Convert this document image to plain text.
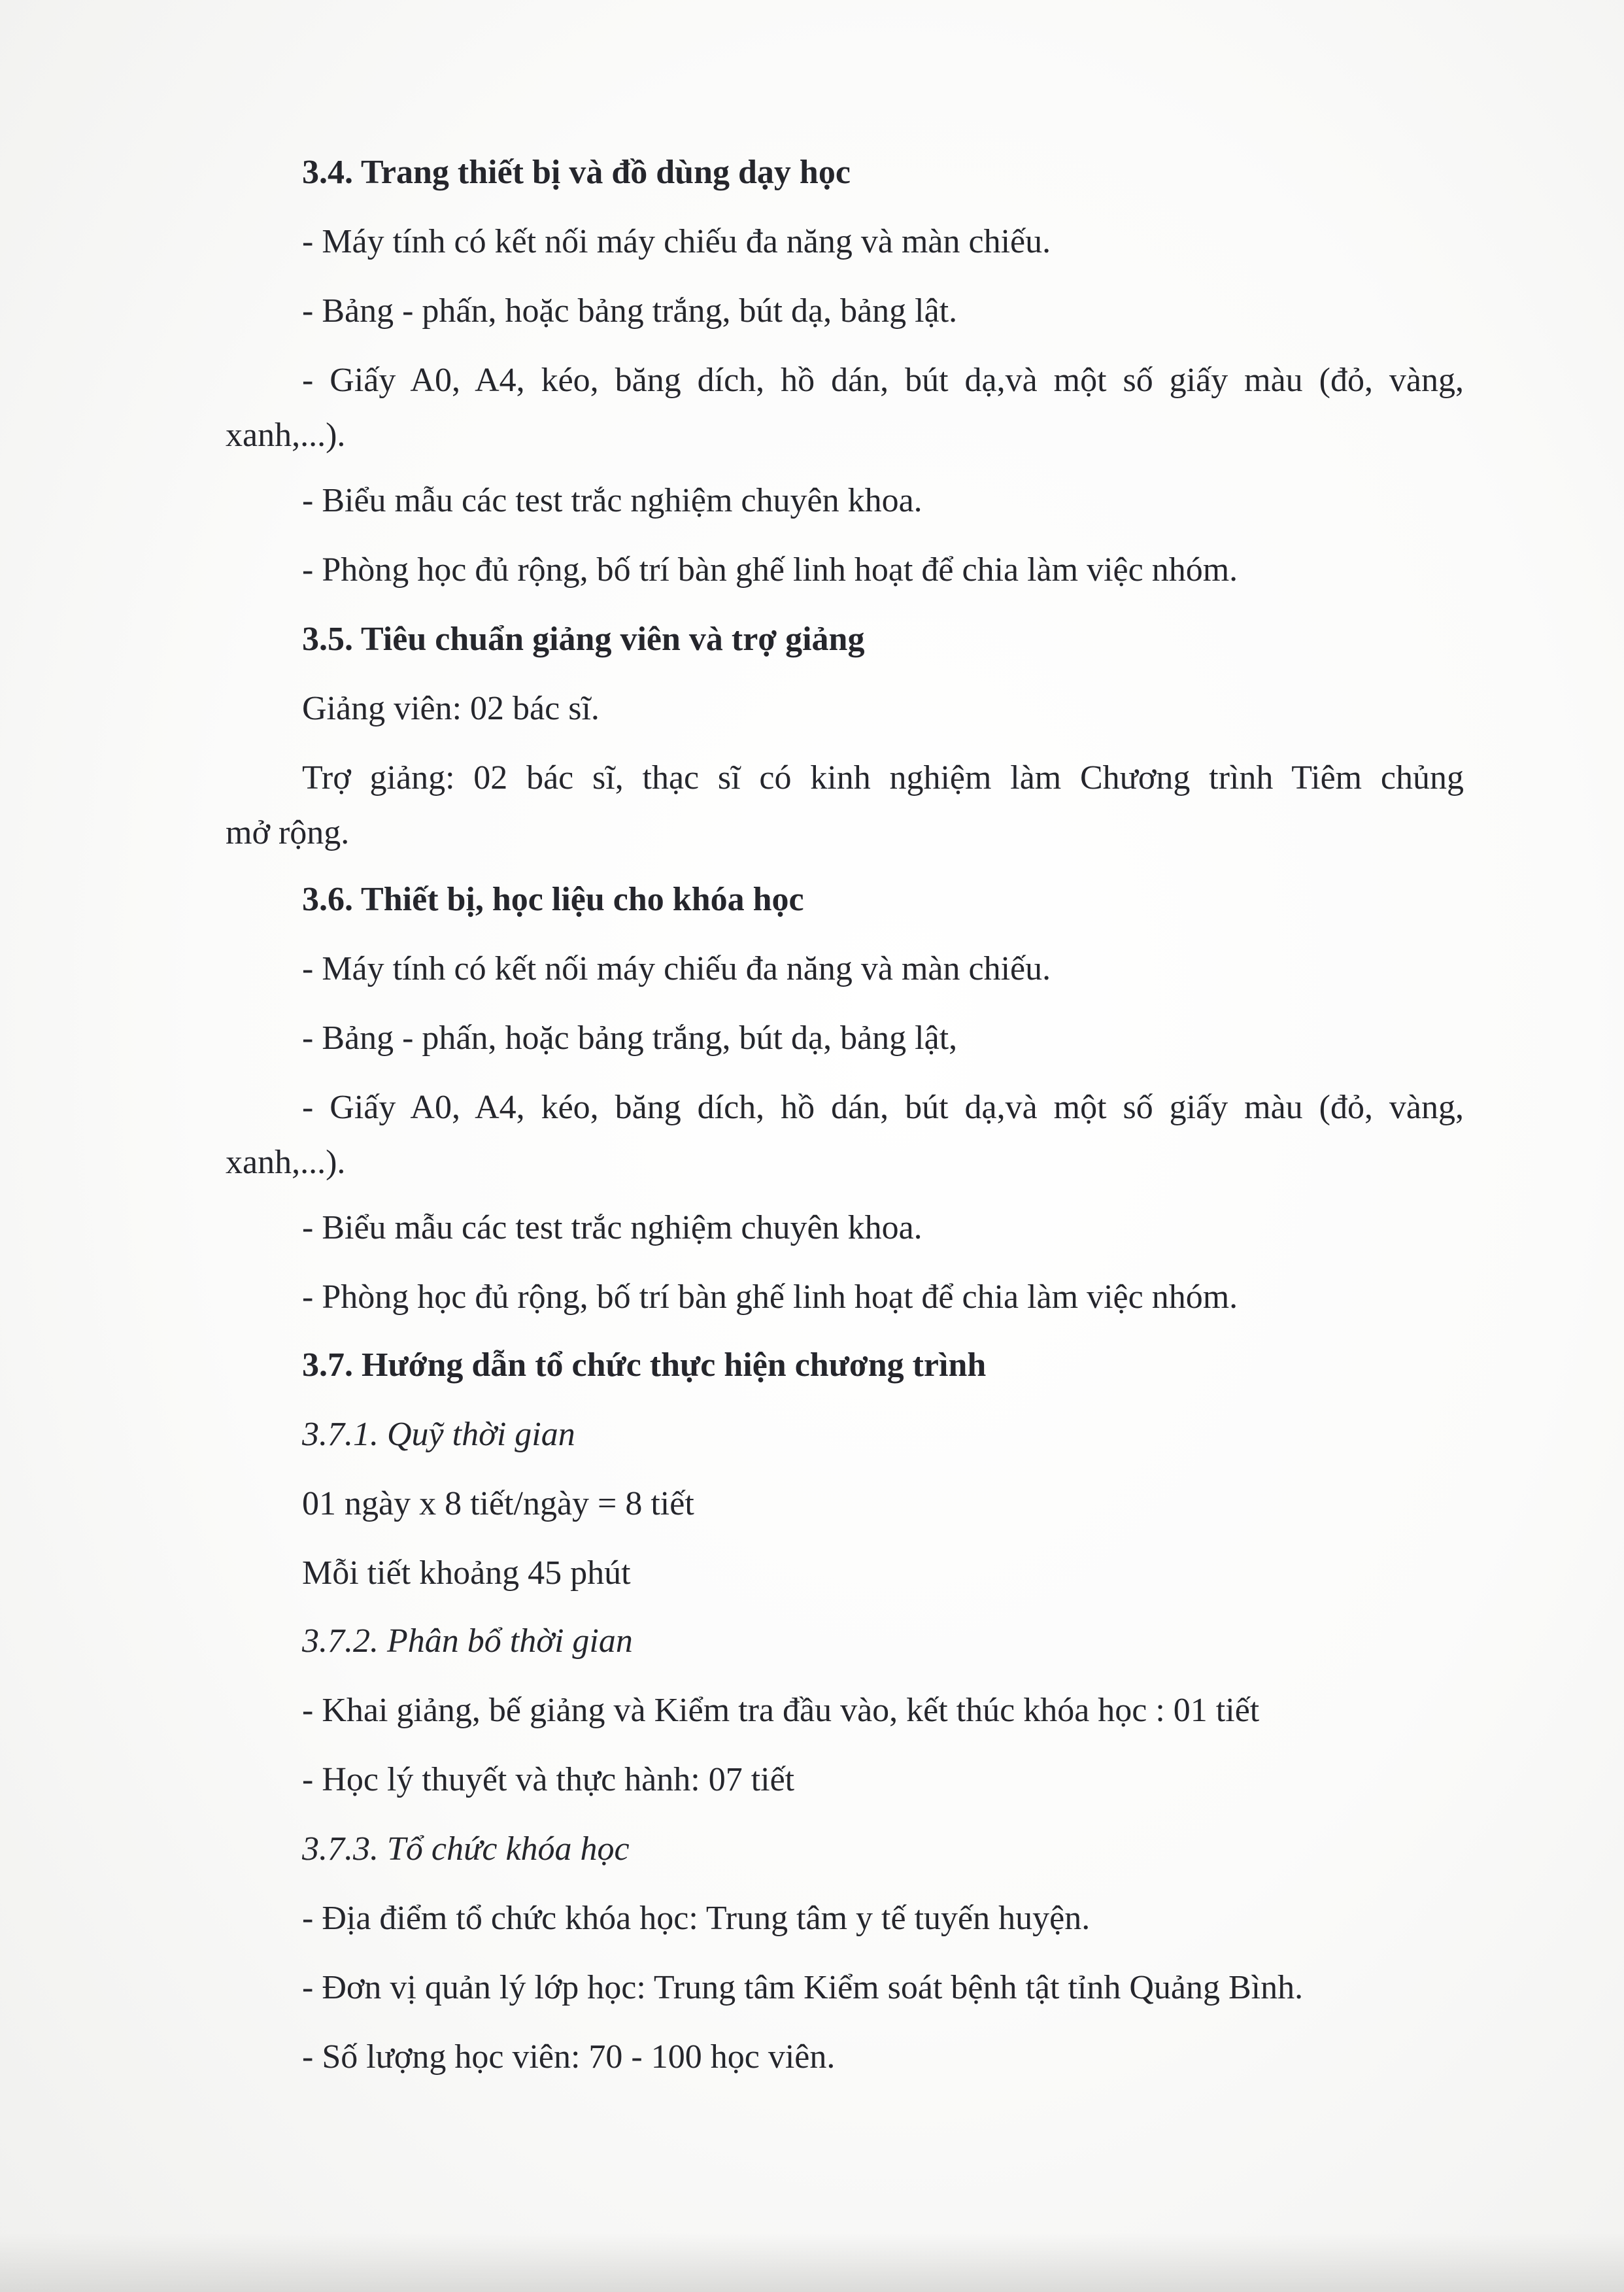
3.4. Trang thiết bị và đồ dùng dạy học

- Máy tính có kết nối máy chiếu đa năng và màn chiếu.

- Bảng - phấn, hoặc bảng trắng, bút dạ, bảng lật.

- Giấy A0, A4, kéo, băng dích, hồ dán, bút dạ,và một số giấy màu (đỏ, vàng,

xanh,...).

- Biểu mẫu các test trắc nghiệm chuyên khoa.

- Phòng học đủ rộng, bố trí bàn ghế linh hoạt để chia làm việc nhóm.

3.5. Tiêu chuẩn giảng viên và trợ giảng

Giảng viên: 02 bác sĩ.

Trợ giảng: 02 bác sĩ, thạc sĩ có kinh nghiệm làm Chương trình Tiêm chủng

mở rộng.

3.6. Thiết bị, học liệu cho khóa học

- Máy tính có kết nối máy chiếu đa năng và màn chiếu.

- Bảng - phấn, hoặc bảng trắng, bút dạ, bảng lật,

- Giấy A0, A4, kéo, băng dích, hồ dán, bút dạ,và một số giấy màu (đỏ, vàng,

xanh,...).

- Biểu mẫu các test trắc nghiệm chuyên khoa.

- Phòng học đủ rộng, bố trí bàn ghế linh hoạt để chia làm việc nhóm.

3.7. Hướng dẫn tổ chức thực hiện chương trình

3.7.1. Quỹ thời gian

01 ngày x 8 tiết/ngày = 8 tiết

Mỗi tiết khoảng 45 phút

3.7.2. Phân bổ thời gian

- Khai giảng, bế giảng và Kiểm tra đầu vào, kết thúc khóa học : 01 tiết

- Học lý thuyết và thực hành: 07 tiết

3.7.3. Tổ chức khóa học

- Địa điểm tổ chức khóa học: Trung tâm y tế tuyến huyện.

- Đơn vị quản lý lớp học: Trung tâm Kiểm soát bệnh tật tỉnh Quảng Bình.

- Số lượng học viên: 70 - 100 học viên.
